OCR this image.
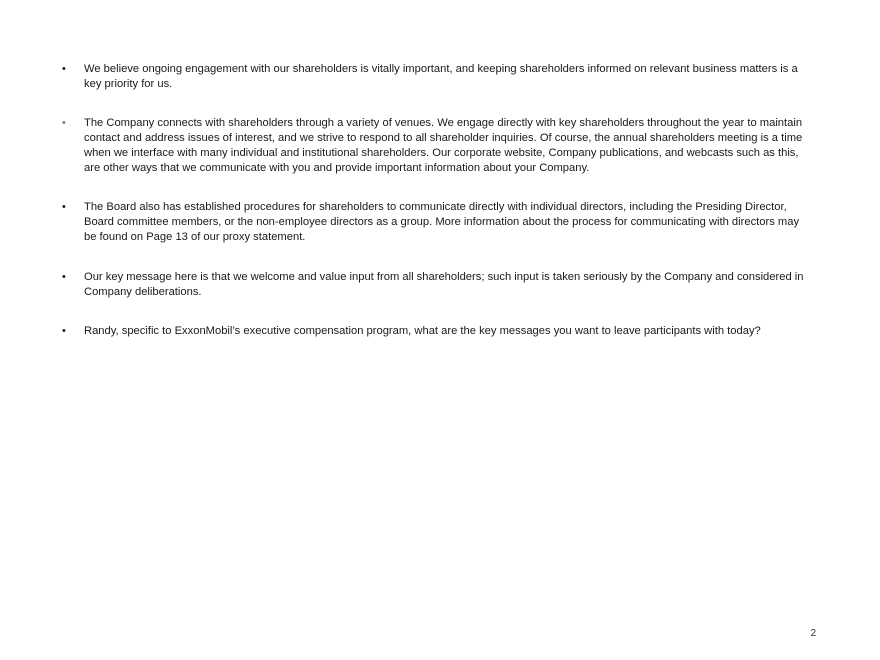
• We believe ongoing engagement with our shareholders is vitally important, and keeping shareholders informed on relevant business matters is a key priority for us.
• The Company connects with shareholders through a variety of venues. We engage directly with key shareholders throughout the year to maintain contact and address issues of interest, and we strive to respond to all shareholder inquiries. Of course, the annual shareholders meeting is a time when we interface with many individual and institutional shareholders. Our corporate website, Company publications, and webcasts such as this, are other ways that we communicate with you and provide important information about your Company.
• The Board also has established procedures for shareholders to communicate directly with individual directors, including the Presiding Director, Board committee members, or the non-employee directors as a group. More information about the process for communicating with directors may be found on Page 13 of our proxy statement.
• Our key message here is that we welcome and value input from all shareholders; such input is taken seriously by the Company and considered in Company deliberations.
• Randy, specific to ExxonMobil’s executive compensation program, what are the key messages you want to leave participants with today?
2
